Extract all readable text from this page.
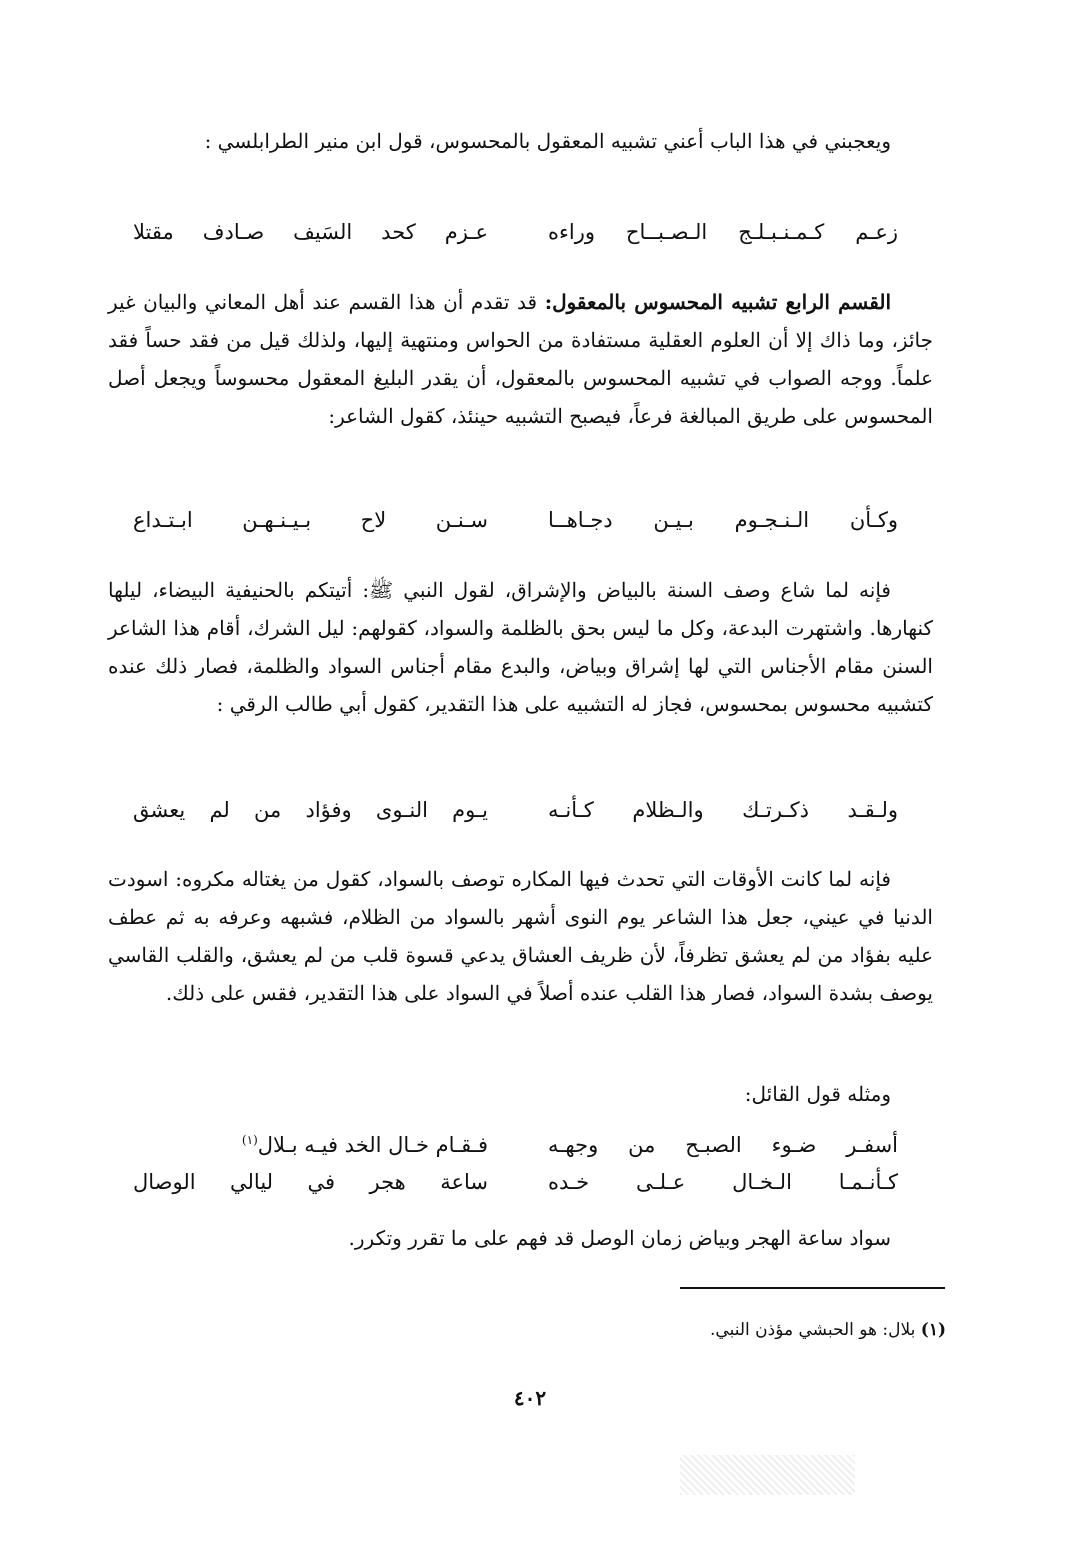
ويعجبني في هذا الباب أعني تشبيه المعقول بالمحسوس، قول ابن منير الطرابلسي :
زعـم كـمـنـبـلـج الـصـبــاح وراءه
عـزم كحد السَيف صـادف مقتلا
القسم الرابع تشبيه المحسوس بالمعقول: قد تقدم أن هذا القسم عند أهل المعاني والبيان غير جائز، وما ذاك إلا أن العلوم العقلية مستفادة من الحواس ومنتهية إليها، ولذلك قيل من فقد حساً فقد علماً. ووجه الصواب في تشبيه المحسوس بالمعقول، أن يقدر البليغ المعقول محسوساً ويجعل أصل المحسوس على طريق المبالغة فرعاً، فيصبح التشبيه حينئذ، كقول الشاعر:
وكـأن الـنـجـوم بـيـن دجـاهــا
سـنـن لاح بـيـنـهـن ابـتـداع
فإنه لما شاع وصف السنة بالبياض والإشراق، لقول النبي ﷺ: أتيتكم بالحنيفية البيضاء، ليلها كنهارها. واشتهرت البدعة، وكل ما ليس بحق بالظلمة والسواد، كقولهم: ليل الشرك، أقام هذا الشاعر السنن مقام الأجناس التي لها إشراق وبياض، والبدع مقام أجناس السواد والظلمة، فصار ذلك عنده كتشبيه محسوس بمحسوس، فجاز له التشبيه على هذا التقدير، كقول أبي طالب الرقي :
ولـقـد ذكـرتـك والـظلام كـأنـه
يـوم النـوى وفؤاد من لم يعشق
فإنه لما كانت الأوقات التي تحدث فيها المكاره توصف بالسواد، كقول من يغتاله مكروه: اسودت الدنيا في عيني، جعل هذا الشاعر يوم النوى أشهر بالسواد من الظلام، فشبهه وعرفه به ثم عطف عليه بفؤاد من لم يعشق تظرفاً، لأن ظريف العشاق يدعي قسوة قلب من لم يعشق، والقلب القاسي يوصف بشدة السواد، فصار هذا القلب عنده أصلاً في السواد على هذا التقدير، فقس على ذلك.
ومثله قول القائل:
أسفـر ضـوء الصبـح من وجهـه
فـقـام خـال الخد فيـه بـلال(١)
كـأنـمـا الـخـال عـلـى خـده
ساعة هجر في ليالي الوصال
سواد ساعة الهجر وبياض زمان الوصل قد فهم على ما تقرر وتكرر.
(١) بلال: هو الحبشي مؤذن النبي.
٤٠٢
